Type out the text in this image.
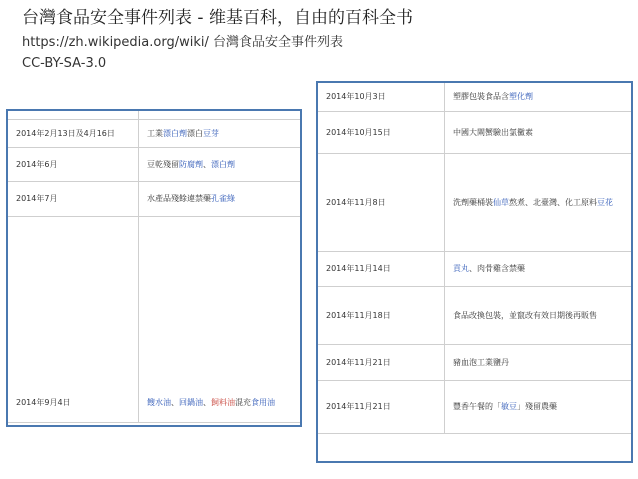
台灣食品安全事件列表 - 维基百科，自由的百科全书
https://zh.wikipedia.org/wiki/ 台灣食品安全事件列表
CC-BY-SA-3.0

2014年2月13日及4月16日	工業漂白劑漂白豆芽
2014年6月	豆乾殘留防腐劑、漂白劑
2014年7月	水產品殘餘違禁藥孔雀綠
2014年9月4日	餿水油、回鍋油、飼料油混充食用油
2014年10月3日	塑膠包裝食品含塑化劑
2014年10月15日	中國大閘蟹驗出氯黴素
2014年11月8日	洗劑藥桶裝仙草熬煮、北臺灣、化工原料豆花
2014年11月14日	貢丸、肉骨雞含禁藥
2014年11月18日	食品改換包裝，並竄改有效日期後再販售
2014年11月21日	豬血泡工業鹽丹
2014年11月21日	豐香午餐的「敏豆」殘留農藥
